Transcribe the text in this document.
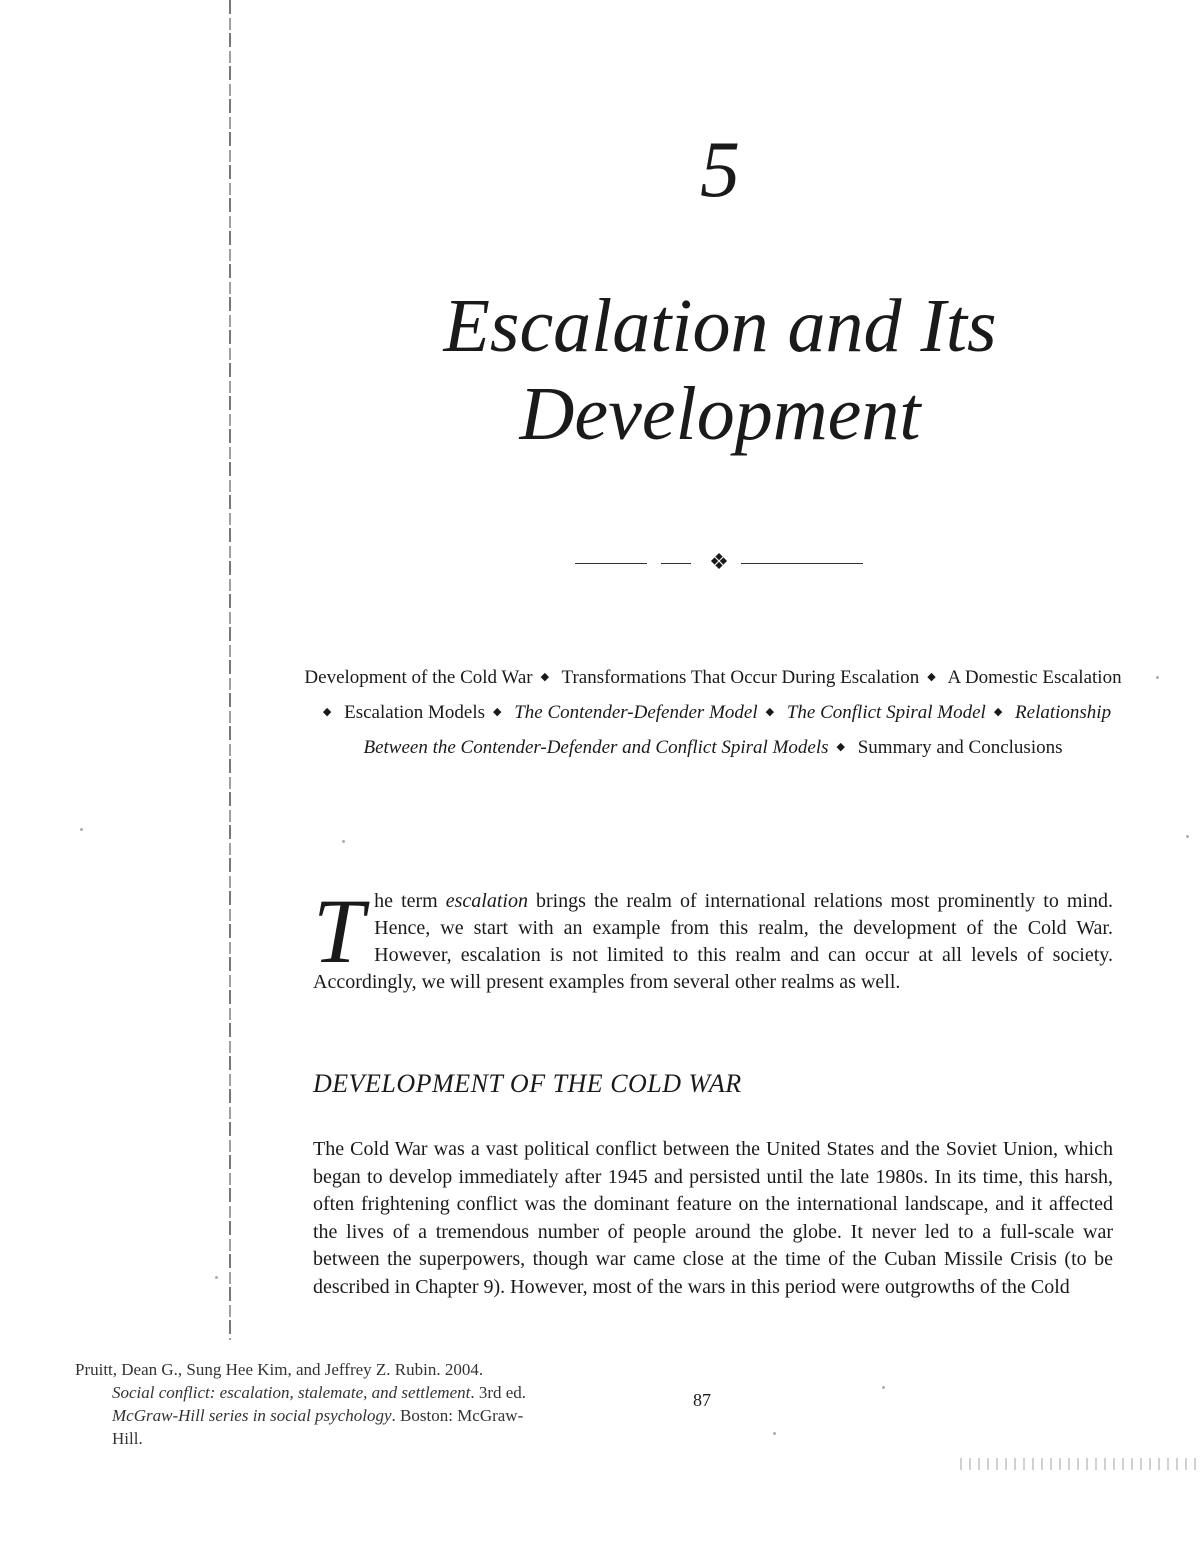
5
Escalation and Its Development
❖
Development of the Cold War ◆ Transformations That Occur During Escalation ◆ A Domestic Escalation◆ Escalation Models ◆ The Contender-Defender Model ◆ The Conflict Spiral Model ◆ Relationship Between the Contender-Defender and Conflict Spiral Models ◆ Summary and Conclusions

The term escalation brings the realm of international relations most prominently to mind. Hence, we start with an example from this realm, the development of the Cold War. However, escalation is not limited to this realm and can occur at all levels of society. Accordingly, we will present examples from several other realms as well.

DEVELOPMENT OF THE COLD WAR

The Cold War was a vast political conflict between the United States and the Soviet Union, which began to develop immediately after 1945 and persisted until the late 1980s. In its time, this harsh, often frightening conflict was the dominant feature on the international landscape, and it affected the lives of a tremendous number of people around the globe. It never led to a full-scale war between the superpowers, though war came close at the time of the Cuban Missile Crisis (to be described in Chapter 9). However, most of the wars in this period were outgrowths of the Cold

Pruitt, Dean G., Sung Hee Kim, and Jeffrey Z. Rubin. 2004.
Social conflict: escalation, stalemate, and settlement. 3rd ed.
McGraw-Hill series in social psychology. Boston: McGraw-
Hill.
87
